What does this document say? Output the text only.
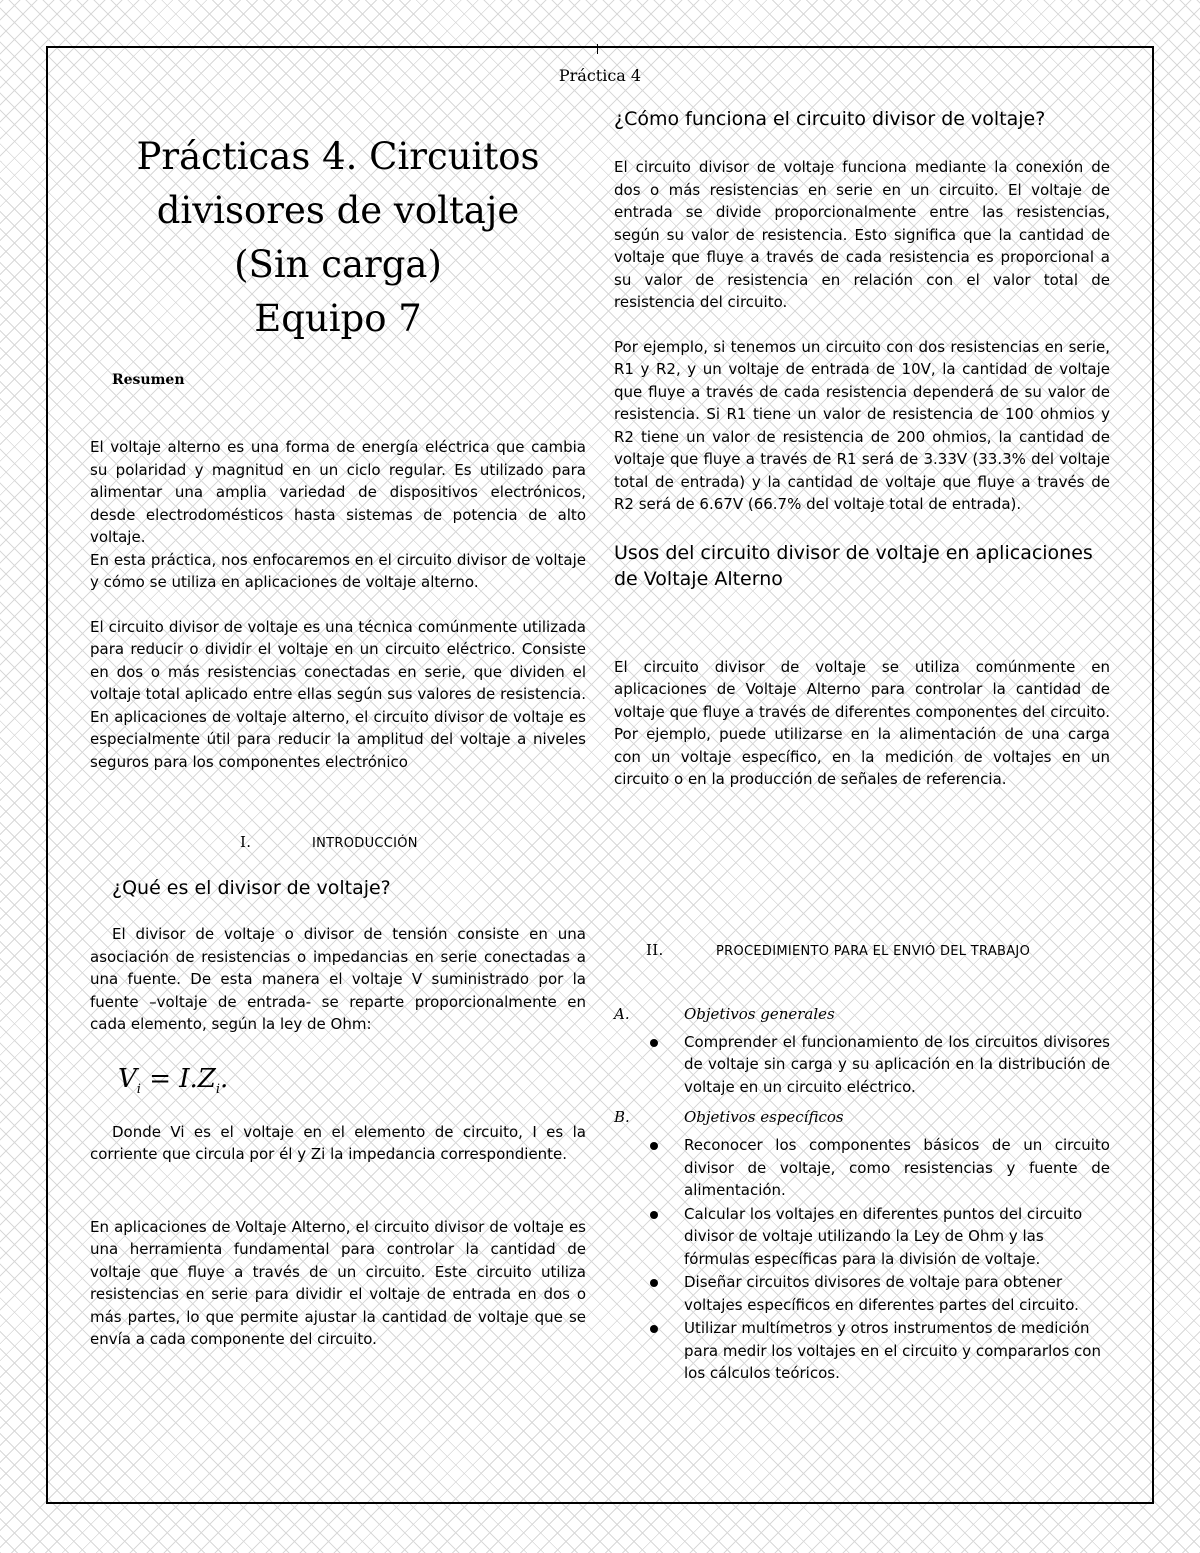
Práctica 4
Prácticas 4. Circuitos
divisores de voltaje
(Sin carga)
Equipo 7
Resumen

El voltaje alterno es una forma de energía eléctrica que cambia su polaridad y magnitud en un ciclo regular. Es utilizado para alimentar una amplia variedad de dispositivos electrónicos, desde electrodomésticos hasta sistemas de potencia de alto voltaje.

En esta práctica, nos enfocaremos en el circuito divisor de voltaje y cómo se utiliza en aplicaciones de voltaje alterno.

El circuito divisor de voltaje es una técnica comúnmente utilizada para reducir o dividir el voltaje en un circuito eléctrico. Consiste en dos o más resistencias conectadas en serie, que dividen el voltaje total aplicado entre ellas según sus valores de resistencia. En aplicaciones de voltaje alterno, el circuito divisor de voltaje es especialmente útil para reducir la amplitud del voltaje a niveles seguros para los componentes electrónico

I.	INTRODUCCIÓN

¿Qué es el divisor de voltaje?

El divisor de voltaje o divisor de tensión consiste en una asociación de resistencias o impedancias en serie conectadas a una fuente. De esta manera el voltaje V suministrado por la fuente –voltaje de entrada- se reparte proporcionalmente en cada elemento, según la ley de Ohm:

$V_i = I.Z_i$.

Donde Vi es el voltaje en el elemento de circuito, I es la corriente que circula por él y Zi la impedancia correspondiente.

En aplicaciones de Voltaje Alterno, el circuito divisor de voltaje es una herramienta fundamental para controlar la cantidad de voltaje que fluye a través de un circuito. Este circuito utiliza resistencias en serie para dividir el voltaje de entrada en dos o más partes, lo que permite ajustar la cantidad de voltaje que se envía a cada componente del circuito.

¿Cómo funciona el circuito divisor de voltaje?

El circuito divisor de voltaje funciona mediante la conexión de dos o más resistencias en serie en un circuito. El voltaje de entrada se divide proporcionalmente entre las resistencias, según su valor de resistencia. Esto significa que la cantidad de voltaje que fluye a través de cada resistencia es proporcional a su valor de resistencia en relación con el valor total de resistencia del circuito.

Por ejemplo, si tenemos un circuito con dos resistencias en serie, R1 y R2, y un voltaje de entrada de 10V, la cantidad de voltaje que fluye a través de cada resistencia dependerá de su valor de resistencia. Si R1 tiene un valor de resistencia de 100 ohmios y R2 tiene un valor de resistencia de 200 ohmios, la cantidad de voltaje que fluye a través de R1 será de 3.33V (33.3% del voltaje total de entrada) y la cantidad de voltaje que fluye a través de R2 será de 6.67V (66.7% del voltaje total de entrada).

Usos del circuito divisor de voltaje en aplicaciones de Voltaje Alterno

El circuito divisor de voltaje se utiliza comúnmente en aplicaciones de Voltaje Alterno para controlar la cantidad de voltaje que fluye a través de diferentes componentes del circuito. Por ejemplo, puede utilizarse en la alimentación de una carga con un voltaje específico, en la medición de voltajes en un circuito o en la producción de señales de referencia.

II.	PROCEDIMIENTO PARA EL ENVIÓ DEL TRABAJO
A.	Objetivos generales
Comprender el funcionamiento de los circuitos divisores de voltaje sin carga y su aplicación en la distribución de voltaje en un circuito eléctrico.
B.	Objetivos específicos
Reconocer los componentes básicos de un circuito divisor de voltaje, como resistencias y fuente de alimentación.
Calcular los voltajes en diferentes puntos del circuito divisor de voltaje utilizando la Ley de Ohm y las fórmulas específicas para la división de voltaje.
Diseñar circuitos divisores de voltaje para obtener voltajes específicos en diferentes partes del circuito.
Utilizar multímetros y otros instrumentos de medición para medir los voltajes en el circuito y compararlos con los cálculos teóricos.
